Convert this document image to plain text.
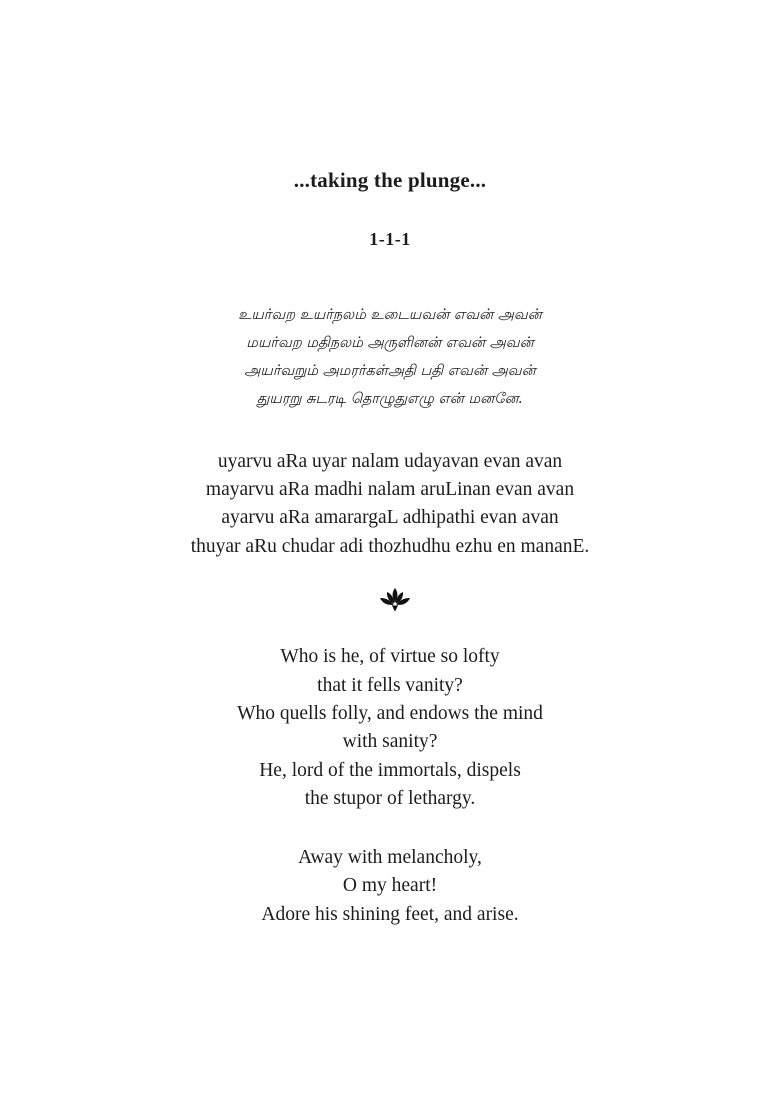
...taking the plunge...
1-1-1
உயர்வற உயர்நலம் உடையவன் எவன் அவன்
மயர்வற மதிநலம் அருளினன் எவன் அவன்
அயர்வறும் அமரர்கள்அதி பதி எவன் அவன்
துயரறு சுடரடி தொழுதுஎழு என் மனனே.
uyarvu aRa uyar nalam udayavan evan avan
mayarvu aRa madhi nalam aruLinan evan avan
ayarvu aRa amarargaL adhipathi evan avan
thuyar aRu chudar adi thozhudhu ezhu en mananE.
Who is he, of virtue so lofty
that it fells vanity?
Who quells folly, and endows the mind
with sanity?
He, lord of the immortals, dispels
the stupor of lethargy.
Away with melancholy,
O my heart!
Adore his shining feet, and arise.
